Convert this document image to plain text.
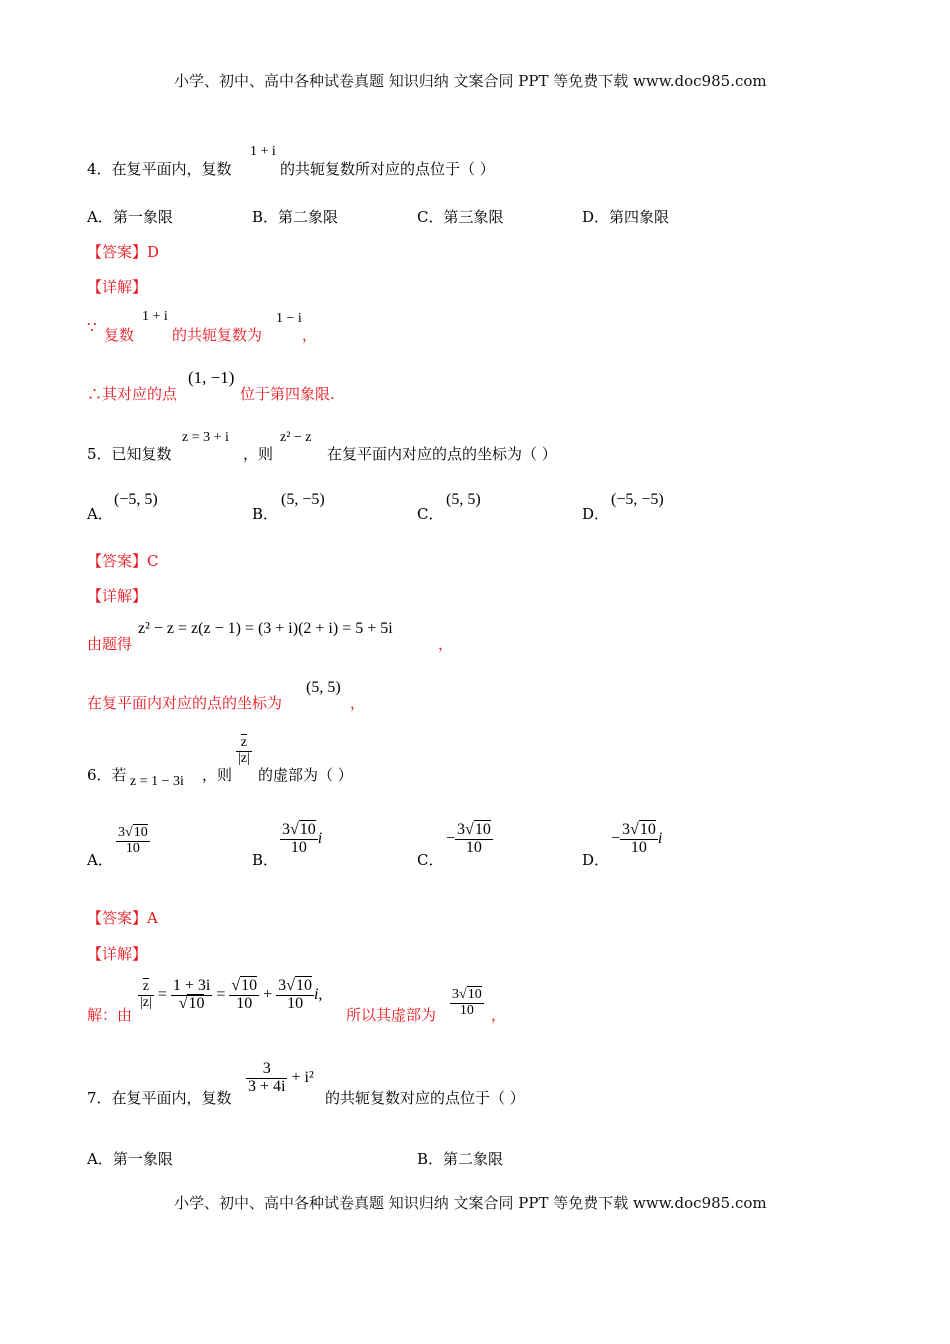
小学、初中、高中各种试卷真题 知识归纳 文案合同 PPT 等免费下载 www.doc985.com
4．在复平面内，复数
1 + i
的共轭复数所对应的点位于（ ）
A．第一象限	B．第二象限	C．第三象限	D．第四象限
【答案】D
【详解】
∵ 复数
1 + i
的共轭复数为
1 − i
，
∴其对应的点
(1, −1)
位于第四象限.
5．已知复数
z = 3 + i
，则
z² − z
在复平面内对应的点的坐标为（ ）
A．
(−5, 5)
B．
(5, −5)
C．
(5, 5)
D．
(−5, −5)
【答案】C
【详解】
由题得
z² − z = z(z − 1) = (3 + i)(2 + i) = 5 + 5i
，
在复平面内对应的点的坐标为
(5, 5)
，
6．若 z = 1 − 3i ，则
$\frac{\overline{z}}{|z|}$
的虚部为（ ）
A．
$\frac{3√10}{10}$
B．
$\frac{3√10}{10}$ i
C．
− $\frac{3√10}{10}$
D．
− $\frac{3√10}{10}$ i
【答案】A
【详解】
解：由
$\frac{\overline{z}}{|z|} = \frac{1 + 3i}{√10} = \frac{√10}{10} + \frac{3√10}{10} i$,
所以其虚部为 $\frac{3√10}{10}$ ，
7．在复平面内，复数
$\frac{3}{3 + 4i} + i^2$
的共轭复数对应的点位于（ ）
A．第一象限	B．第二象限
小学、初中、高中各种试卷真题 知识归纳 文案合同 PPT 等免费下载 www.doc985.com
